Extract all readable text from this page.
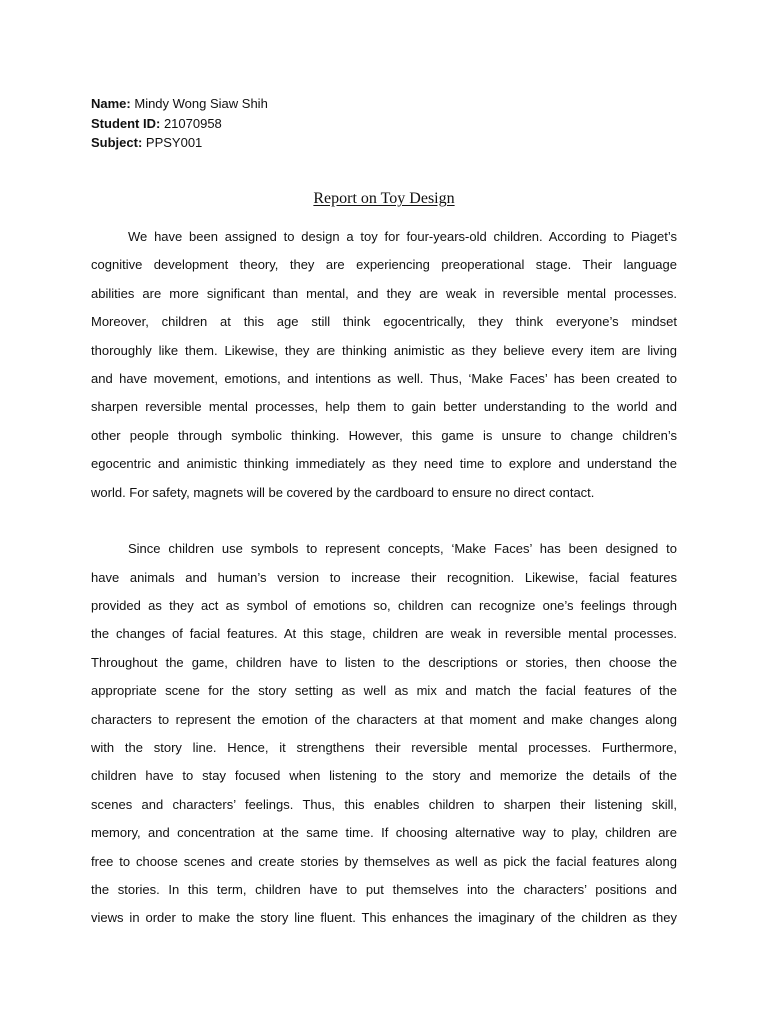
Name: Mindy Wong Siaw Shih
Student ID: 21070958
Subject: PPSY001
Report on Toy Design
We have been assigned to design a toy for four-years-old children. According to Piaget’s
cognitive development theory, they are experiencing preoperational stage. Their language
abilities are more significant than mental, and they are weak in reversible mental processes.
Moreover, children at this age still think egocentrically, they think everyone’s mindset
thoroughly like them. Likewise, they are thinking animistic as they believe every item are living
and have movement, emotions, and intentions as well. Thus, ‘Make Faces’ has been created to
sharpen reversible mental processes, help them to gain better understanding to the world and
other people through symbolic thinking. However, this game is unsure to change children’s
egocentric and animistic thinking immediately as they need time to explore and understand the
world. For safety, magnets will be covered by the cardboard to ensure no direct contact.
Since children use symbols to represent concepts, ‘Make Faces’ has been designed to
have animals and human’s version to increase their recognition. Likewise, facial features
provided as they act as symbol of emotions so, children can recognize one’s feelings through
the changes of facial features. At this stage, children are weak in reversible mental processes.
Throughout the game, children have to listen to the descriptions or stories, then choose the
appropriate scene for the story setting as well as mix and match the facial features of the
characters to represent the emotion of the characters at that moment and make changes along
with the story line. Hence, it strengthens their reversible mental processes. Furthermore,
children have to stay focused when listening to the story and memorize the details of the
scenes and characters’ feelings. Thus, this enables children to sharpen their listening skill,
memory, and concentration at the same time. If choosing alternative way to play, children are
free to choose scenes and create stories by themselves as well as pick the facial features along
the stories. In this term, children have to put themselves into the characters’ positions and
views in order to make the story line fluent. This enhances the imaginary of the children as they
